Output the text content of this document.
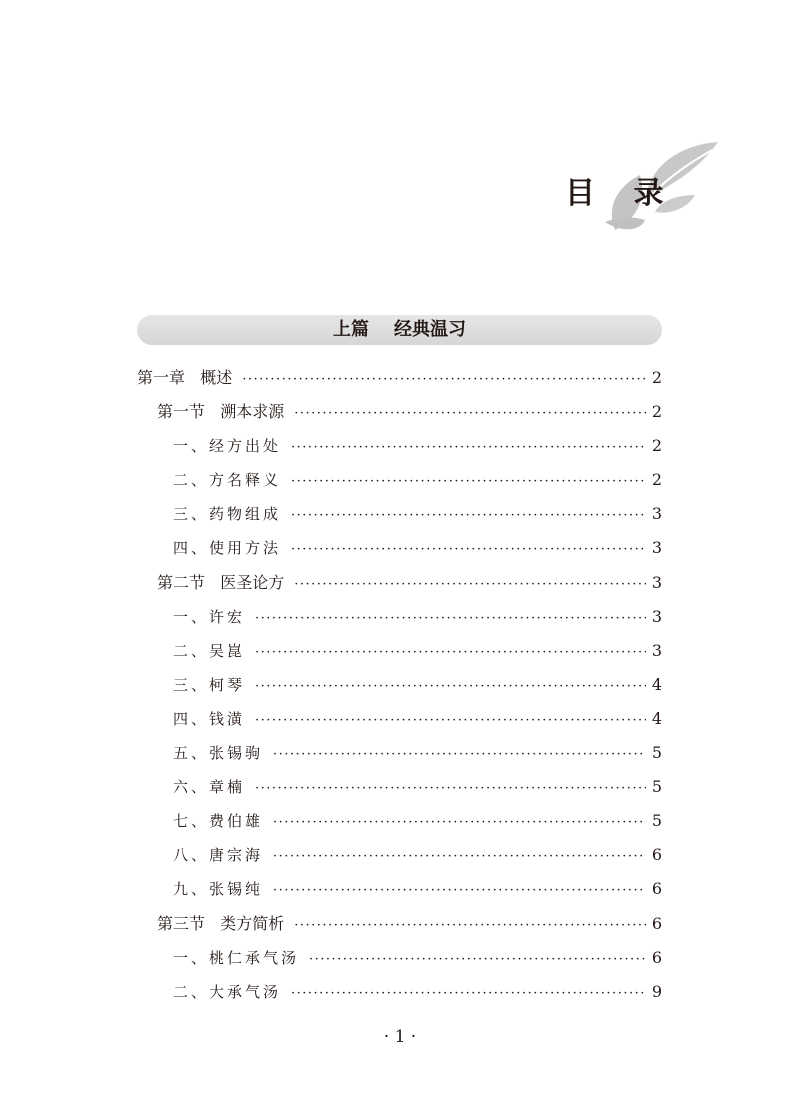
目 录
上篇    经典温习
第一章   概述 ·····	2
第一节   溯本求源 ·····	2
一、经方出处 ·····	2
二、方名释义 ·····	2
三、药物组成 ·····	3
四、使用方法 ·····	3
第二节   医圣论方 ·····	3
一、许宏 ·····	3
二、吴崑 ·····	3
三、柯琴 ·····	4
四、钱潢 ·····	4
五、张锡驹 ·····	5
六、章楠 ·····	5
七、费伯雄 ·····	5
八、唐宗海 ·····	6
九、张锡纯 ·····	6
第三节   类方简析 ·····	6
一、桃仁承气汤 ·····	6
二、大承气汤 ·····	9
· 1 ·
